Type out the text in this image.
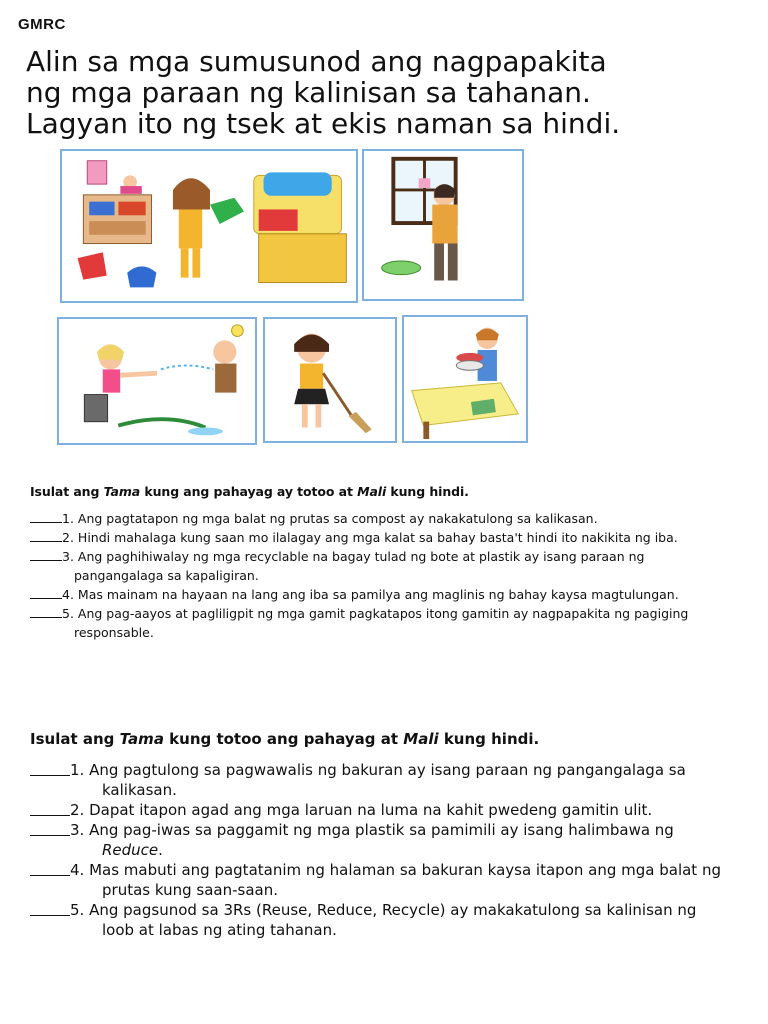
GMRC
Alin sa mga sumusunod ang nagpapakita
ng mga paraan ng kalinisan sa tahanan.
Lagyan ito ng tsek at ekis naman sa hindi.
Isulat ang Tama kung ang pahayag ay totoo at Mali kung hindi.
1. Ang pagtatapon ng mga balat ng prutas sa compost ay nakakatulong sa kalikasan.
2. Hindi mahalaga kung saan mo ilalagay ang mga kalat sa bahay basta't hindi ito nakikita ng iba.
3. Ang paghihiwalay ng mga recyclable na bagay tulad ng bote at plastik ay isang paraan ng pangangalaga sa kapaligiran.
4. Mas mainam na hayaan na lang ang iba sa pamilya ang maglinis ng bahay kaysa magtulungan.
5. Ang pag-aayos at pagliligpit ng mga gamit pagkatapos itong gamitin ay nagpapakita ng pagiging responsable.
Isulat ang Tama kung totoo ang pahayag at Mali kung hindi.
1. Ang pagtulong sa pagwawalis ng bakuran ay isang paraan ng pangangalaga sa kalikasan.
2. Dapat itapon agad ang mga laruan na luma na kahit pwedeng gamitin ulit.
3. Ang pag-iwas sa paggamit ng mga plastik sa pamimili ay isang halimbawa ng Reduce.
4. Mas mabuti ang pagtatanim ng halaman sa bakuran kaysa itapon ang mga balat ng prutas kung saan-saan.
5. Ang pagsunod sa 3Rs (Reuse, Reduce, Recycle) ay makakatulong sa kalinisan ng loob at labas ng ating tahanan.
